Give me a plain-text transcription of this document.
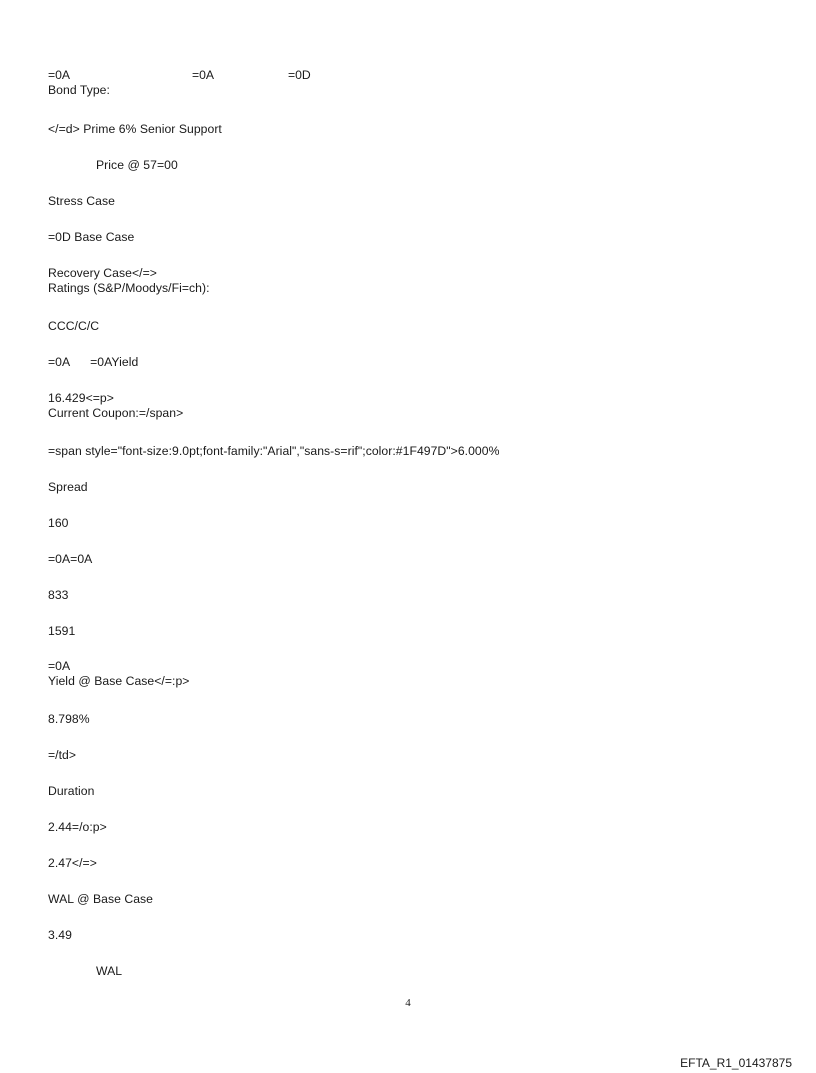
=0A	=0A	=0D
Bond Type:
</=d> Prime 6% Senior Support
Price @ 57=00
Stress Case
=0D Base Case
Recovery Case</=>
Ratings (S&P/Moodys/Fi=ch):
CCC/C/C
=0A      =0AYield
16.429<=p>
Current Coupon:=/span>
=span style="font-size:9.0pt;font-family:"Arial","sans-s=rif";color:#1F497D">6.000%
Spread
160
=0A=0A
833
1591
=0A
Yield @ Base Case</=:p>
8.798%
=/td>
Duration
2.44=/o:p>
2.47</=>
WAL @ Base Case
3.49
WAL
4
EFTA_R1_01437875
